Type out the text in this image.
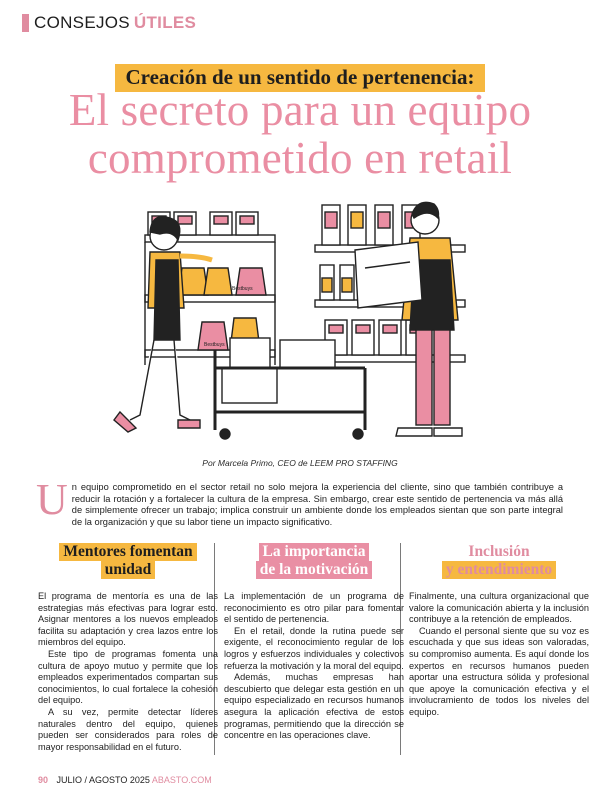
CONSEJOS ÚTILES
Creación de un sentido de pertenencia:
El secreto para un equipo
comprometido en retail
Bestbuys
Bestbuys
Por Marcela Primo, CEO de LEEM PRO STAFFING
Un equipo comprometido en el sector retail no solo mejora la experiencia del cliente, sino que también contribuye a reducir la rotación y a fortalecer la cultura de la empresa. Sin embargo, crear este sentido de pertenencia va más allá de simplemente ofrecer un trabajo; implica construir un ambiente donde los empleados sientan que son parte integral de la organización y que su labor tiene un impacto significativo.
Mentores fomentan
unidad

El programa de mentoría es una de las estrategias más efectivas para lograr esto. Asignar mentores a los nuevos empleados facilita su adaptación y crea lazos entre los miembros del equipo.

Este tipo de programas fomenta una cultura de apoyo mutuo y permite que los empleados experimentados compartan sus conocimientos, lo cual fortalece la cohesión del equipo.

A su vez, permite detectar líderes naturales dentro del equipo, quienes pueden ser considerados para roles de mayor responsabilidad en el futuro.

La importancia
de la motivación

La implementación de un programa de reconocimiento es otro pilar para fomentar el sentido de pertenencia.

En el retail, donde la rutina puede ser exigente, el reconocimiento regular de los logros y esfuerzos individuales y colectivos refuerza la motivación y la moral del equipo.

Además, muchas empresas han descubierto que delegar esta gestión en un equipo especializado en recursos humanos asegura la aplicación efectiva de estos programas, permitiendo que la dirección se concentre en las operaciones clave.

Inclusión
y entendimiento

Finalmente, una cultura organizacional que valore la comunicación abierta y la inclusión contribuye a la retención de empleados.

Cuando el personal siente que su voz es escuchada y que sus ideas son valoradas, su compromiso aumenta. Es aquí donde los expertos en recursos humanos pueden aportar una estructura sólida y profesional que apoye la comunicación efectiva y el involucramiento de todos los niveles del equipo.

90 JULIO / AGOSTO 2025 ABASTO.COM
